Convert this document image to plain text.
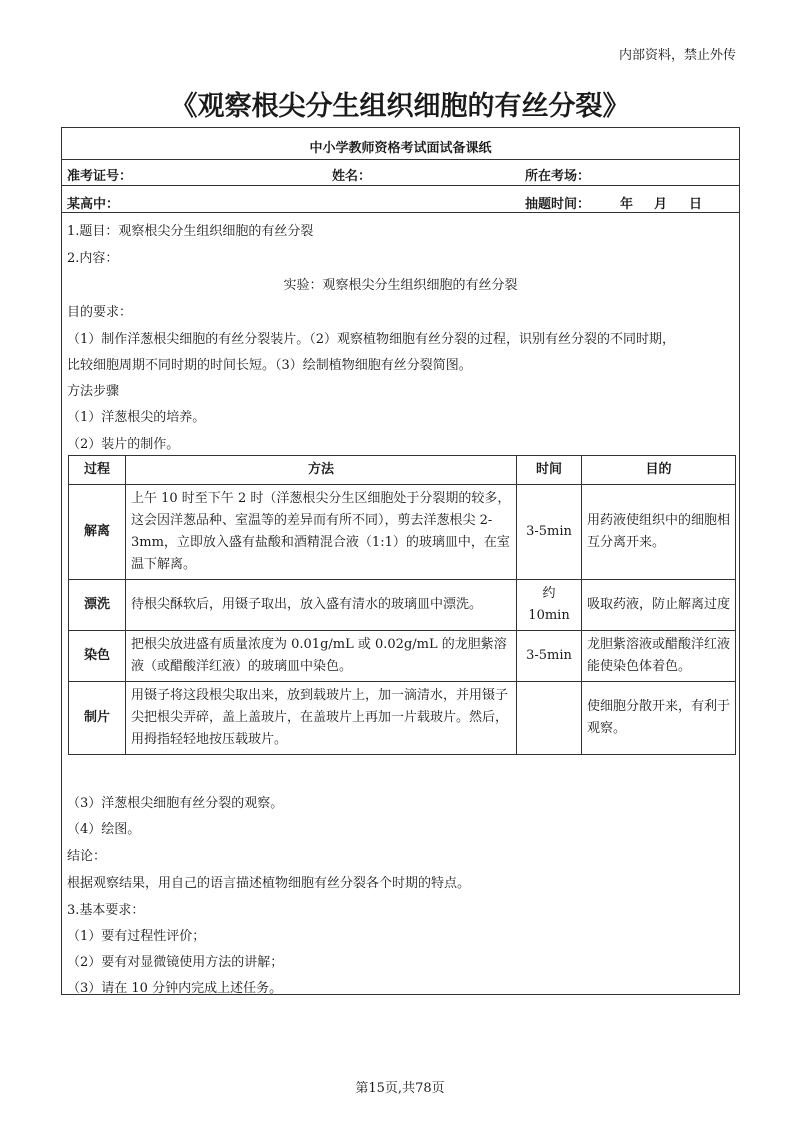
内部资料，禁止外传
《观察根尖分生组织细胞的有丝分裂》
中小学教师资格考试面试备课纸
准考证号：	姓名：	所在考场：
某高中：	抽题时间： 年 月 日
1.题目：观察根尖分生组织细胞的有丝分裂
2.内容：
实验：观察根尖分生组织细胞的有丝分裂
目的要求：
（1）制作洋葱根尖细胞的有丝分裂装片。（2）观察植物细胞有丝分裂的过程，识别有丝分裂的不同时期，
比较细胞周期不同时期的时间长短。（3）绘制植物细胞有丝分裂简图。
方法步骤
（1）洋葱根尖的培养。
（2）装片的制作。
过程	方法	时间	目的
解离	上午 10 时至下午 2 时（洋葱根尖分生区细胞处于分裂期的较多，这会因洋葱品种、室温等的差异而有所不同），剪去洋葱根尖 2-3mm，立即放入盛有盐酸和酒精混合液（1:1）的玻璃皿中，在室温下解离。	3-5min	用药液使组织中的细胞相互分离开来。
漂洗	待根尖酥软后，用镊子取出，放入盛有清水的玻璃皿中漂洗。	约 10min	吸取药液，防止解离过度
染色	把根尖放进盛有质量浓度为 0.01g/mL 或 0.02g/mL 的龙胆紫溶液（或醋酸洋红液）的玻璃皿中染色。	3-5min	龙胆紫溶液或醋酸洋红液能使染色体着色。
制片	用镊子将这段根尖取出来，放到载玻片上，加一滴清水，并用镊子尖把根尖弄碎，盖上盖玻片，在盖玻片上再加一片载玻片。然后，用拇指轻轻地按压载玻片。		使细胞分散开来，有利于观察。
（3）洋葱根尖细胞有丝分裂的观察。
（4）绘图。
结论：
根据观察结果，用自己的语言描述植物细胞有丝分裂各个时期的特点。
3.基本要求：
（1）要有过程性评价；
（2）要有对显微镜使用方法的讲解；
（3）请在 10 分钟内完成上述任务。
第15页,共78页
